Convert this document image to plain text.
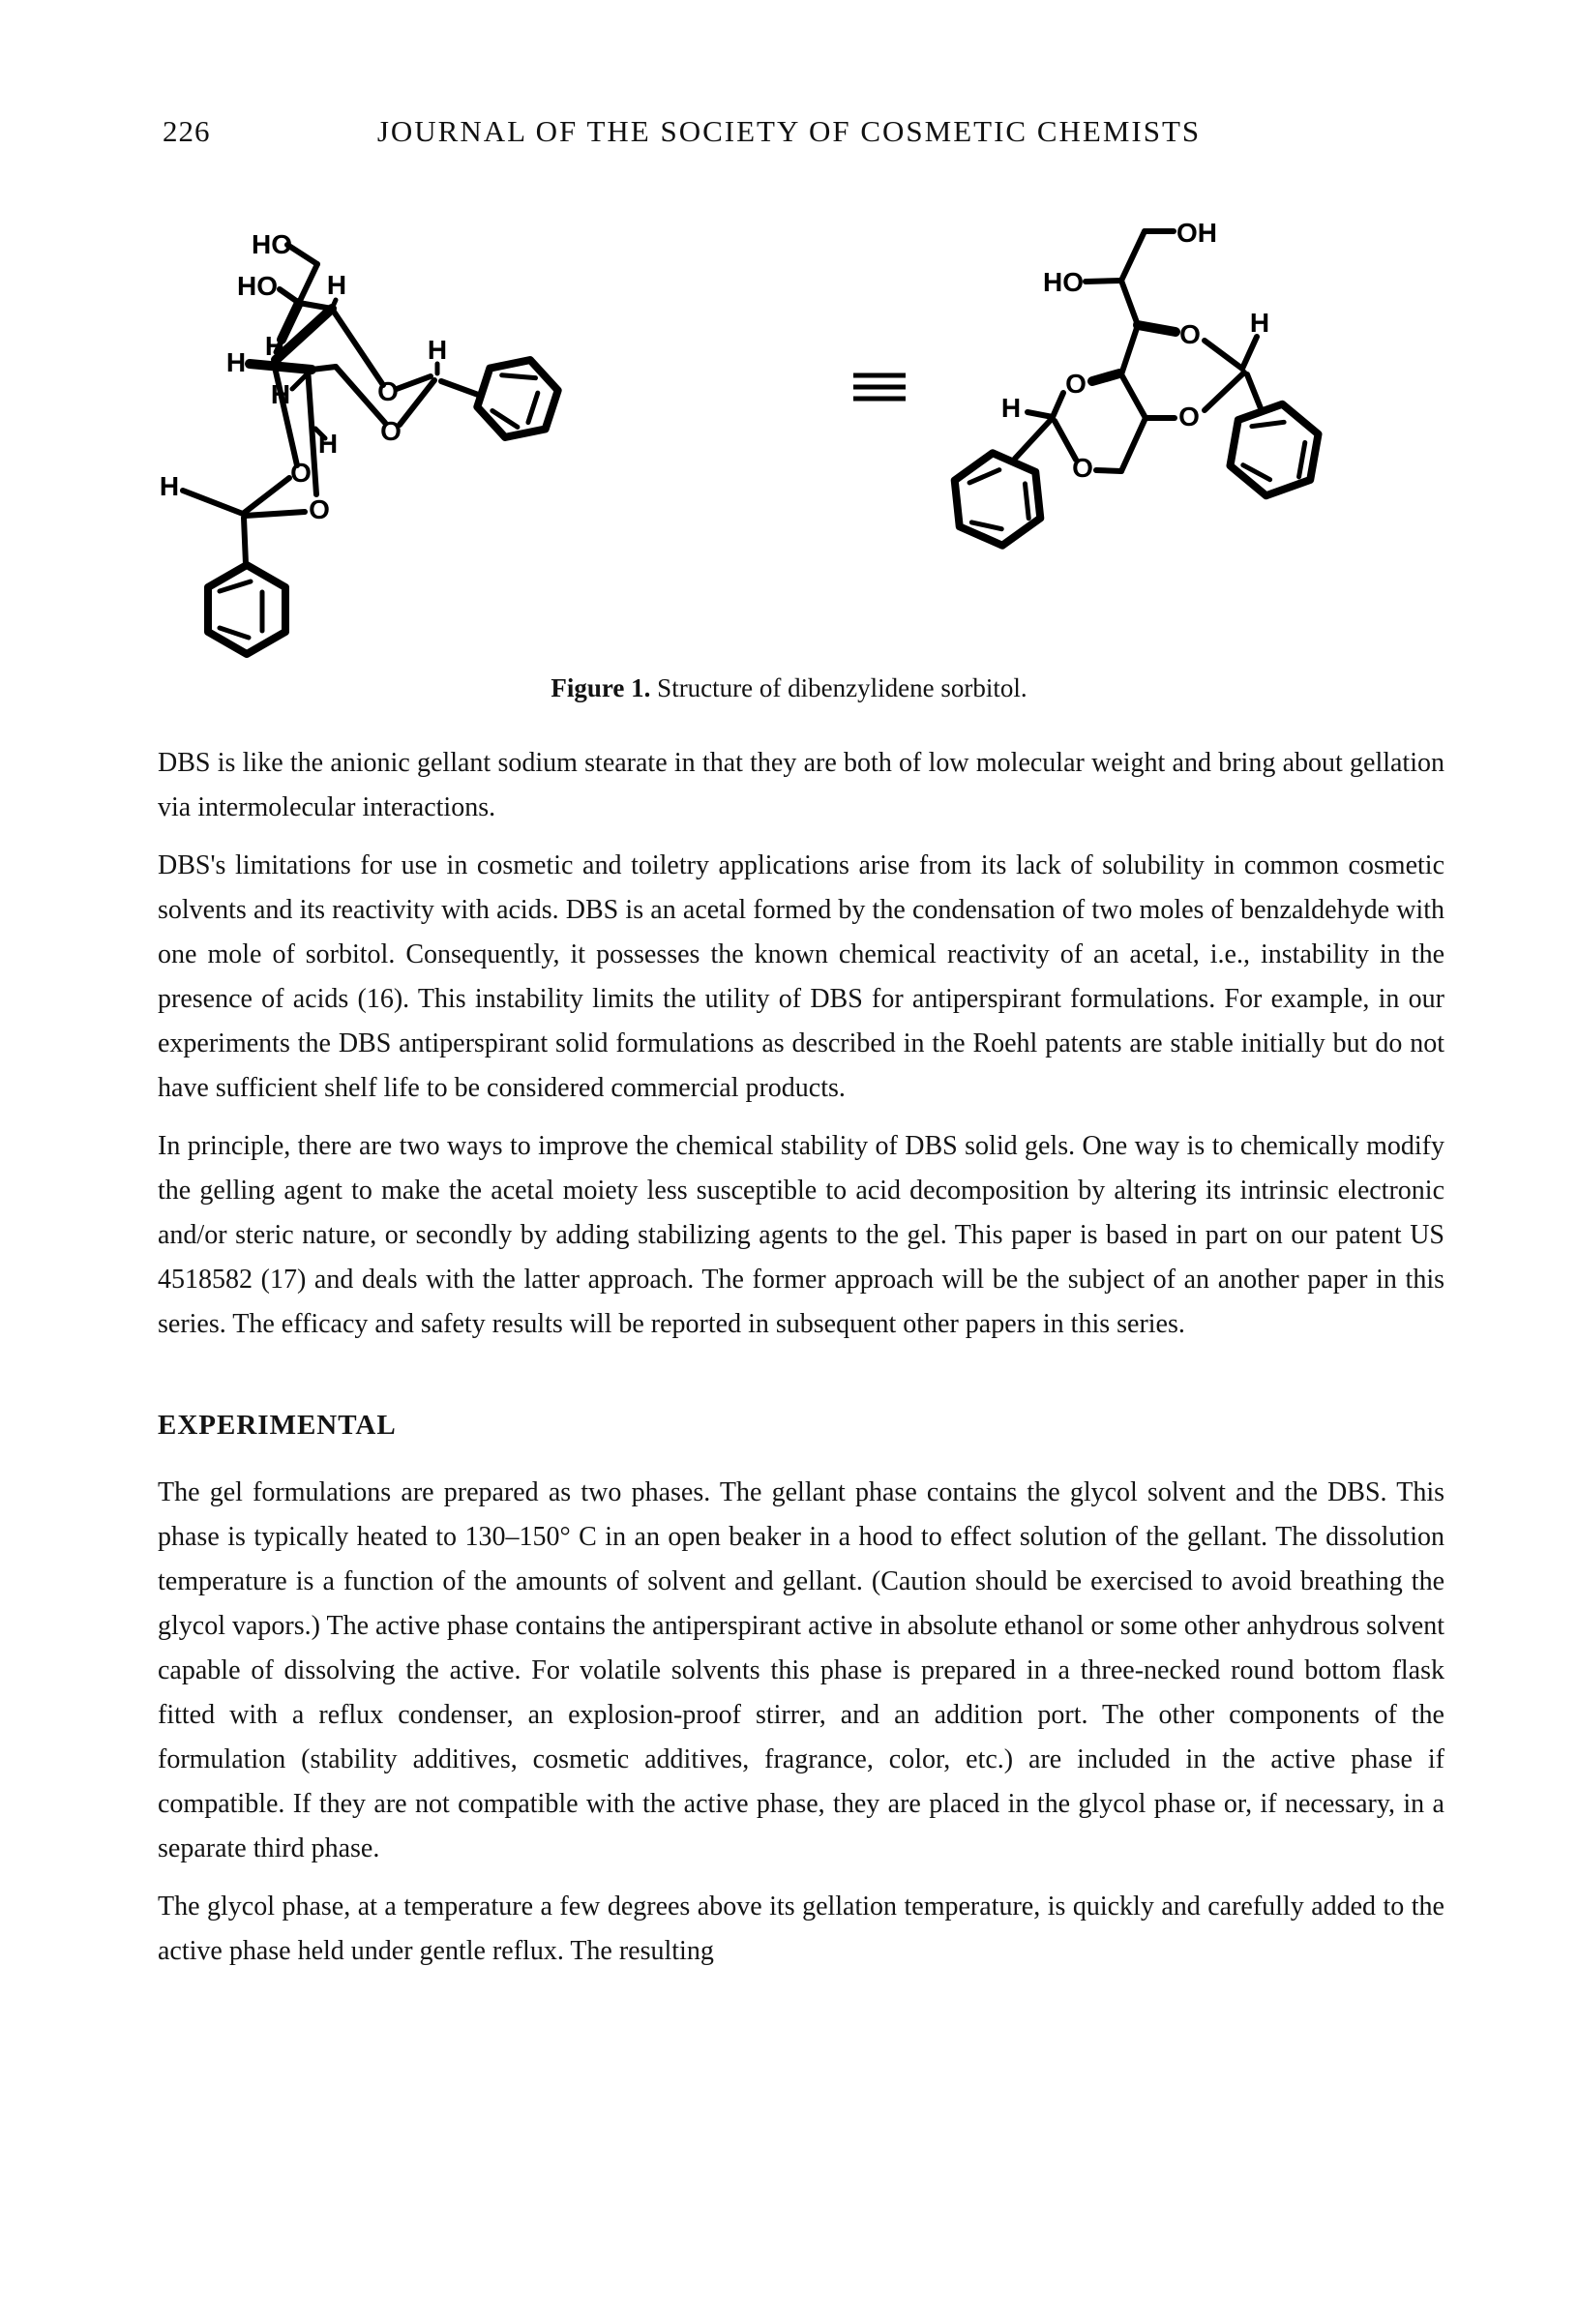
226	JOURNAL OF THE SOCIETY OF COSMETIC CHEMISTS
HO
HO H
H
H
H
H
H
H
O
O
O
O
OH
HO
H
O
O
H
O
O
Figure 1. Structure of dibenzylidene sorbitol.

DBS is like the anionic gellant sodium stearate in that they are both of low molecular weight and bring about gellation via intermolecular interactions.

DBS's limitations for use in cosmetic and toiletry applications arise from its lack of solubility in common cosmetic solvents and its reactivity with acids. DBS is an acetal formed by the condensation of two moles of benzaldehyde with one mole of sorbitol. Consequently, it possesses the known chemical reactivity of an acetal, i.e., instability in the presence of acids (16). This instability limits the utility of DBS for antiperspirant formulations. For example, in our experiments the DBS antiperspirant solid formulations as described in the Roehl patents are stable initially but do not have sufficient shelf life to be considered commercial products.

In principle, there are two ways to improve the chemical stability of DBS solid gels. One way is to chemically modify the gelling agent to make the acetal moiety less susceptible to acid decomposition by altering its intrinsic electronic and/or steric nature, or secondly by adding stabilizing agents to the gel. This paper is based in part on our patent US 4518582 (17) and deals with the latter approach. The former approach will be the subject of an another paper in this series. The efficacy and safety results will be reported in subsequent other papers in this series.

EXPERIMENTAL

The gel formulations are prepared as two phases. The gellant phase contains the glycol solvent and the DBS. This phase is typically heated to 130–150° C in an open beaker in a hood to effect solution of the gellant. The dissolution temperature is a function of the amounts of solvent and gellant. (Caution should be exercised to avoid breathing the glycol vapors.) The active phase contains the antiperspirant active in absolute ethanol or some other anhydrous solvent capable of dissolving the active. For volatile solvents this phase is prepared in a three-necked round bottom flask fitted with a reflux condenser, an explosion-proof stirrer, and an addition port. The other components of the formulation (stability additives, cosmetic additives, fragrance, color, etc.) are included in the active phase if compatible. If they are not compatible with the active phase, they are placed in the glycol phase or, if necessary, in a separate third phase.

The glycol phase, at a temperature a few degrees above its gellation temperature, is quickly and carefully added to the active phase held under gentle reflux. The resulting
